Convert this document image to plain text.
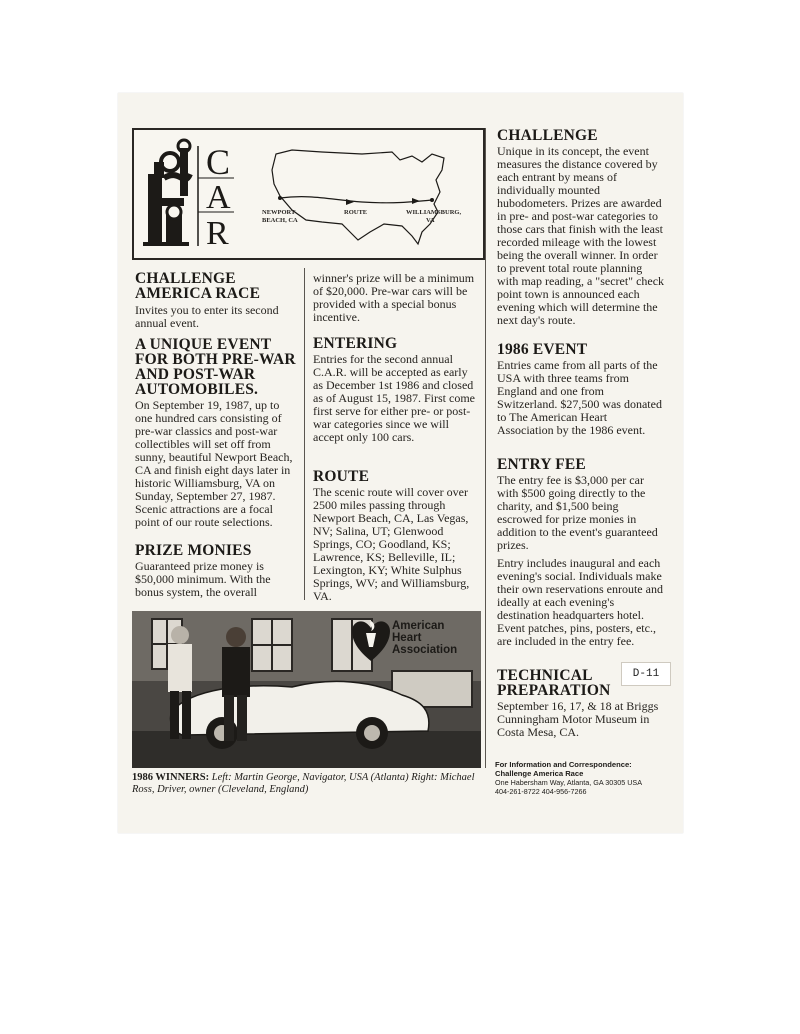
C
A
R
NEWPORT
BEACH, CA
ROUTE	WILLIAMSBURG,
VA
CHALLENGE
AMERICA RACE

Invites you to enter its second annual event.

A UNIQUE EVENT
FOR BOTH PRE-WAR
AND POST-WAR
AUTOMOBILES.

On September 19, 1987, up to one hundred cars consisting of pre-war classics and post-war collectibles will set off from sunny, beautiful Newport Beach, CA and finish eight days later in historic Williamsburg, VA on Sunday, September 27, 1987. Scenic attractions are a focal point of our route selections.

PRIZE MONIES

Guaranteed prize money is $50,000 minimum. With the bonus system, the overall

winner's prize will be a minimum of $20,000. Pre-war cars will be provided with a special bonus incentive.

ENTERING

Entries for the second annual C.A.R. will be accepted as early as December 1st 1986 and closed as of August 15, 1987. First come first serve for either pre- or post-war categories since we will accept only 100 cars.

ROUTE

The scenic route will cover over 2500 miles passing through Newport Beach, CA, Las Vegas, NV; Salina, UT; Glenwood Springs, CO; Goodland, KS; Lawrence, KS; Belleville, IL; Lexington, KY; White Sulphus Springs, WV; and Williamsburg, VA.

CHALLENGE

Unique in its concept, the event measures the distance covered by each entrant by means of individually mounted hubodometers. Prizes are awarded in pre- and post-war categories to those cars that finish with the least recorded mileage with the lowest being the overall winner. In order to prevent total route planning with map reading, a "secret" check point town is announced each evening which will determine the next day's route.

1986 EVENT

Entries came from all parts of the USA with three teams from England and one from Switzerland. $27,500 was donated to The American Heart Association by the 1986 event.

ENTRY FEE

The entry fee is $3,000 per car with $500 going directly to the charity, and $1,500 being escrowed for prize monies in addition to the event's guaranteed prizes.

Entry includes inaugural and each evening's social. Individuals make their own reservations enroute and ideally at each evening's destination headquarters hotel. Event patches, pins, posters, etc., are included in the entry fee.

TECHNICAL
PREPARATION

September 16, 17, & 18 at Briggs Cunningham Motor Museum in Costa Mesa, CA.

American
Heart
Association
1986 WINNERS: Left: Martin George, Navigator, USA (Atlanta) Right: Michael Ross, Driver, owner (Cleveland, England)
D-11
For Information and Correspondence:
Challenge America Race
One Habersham Way, Atlanta, GA 30305 USA
404-261-8722 404-956-7266
